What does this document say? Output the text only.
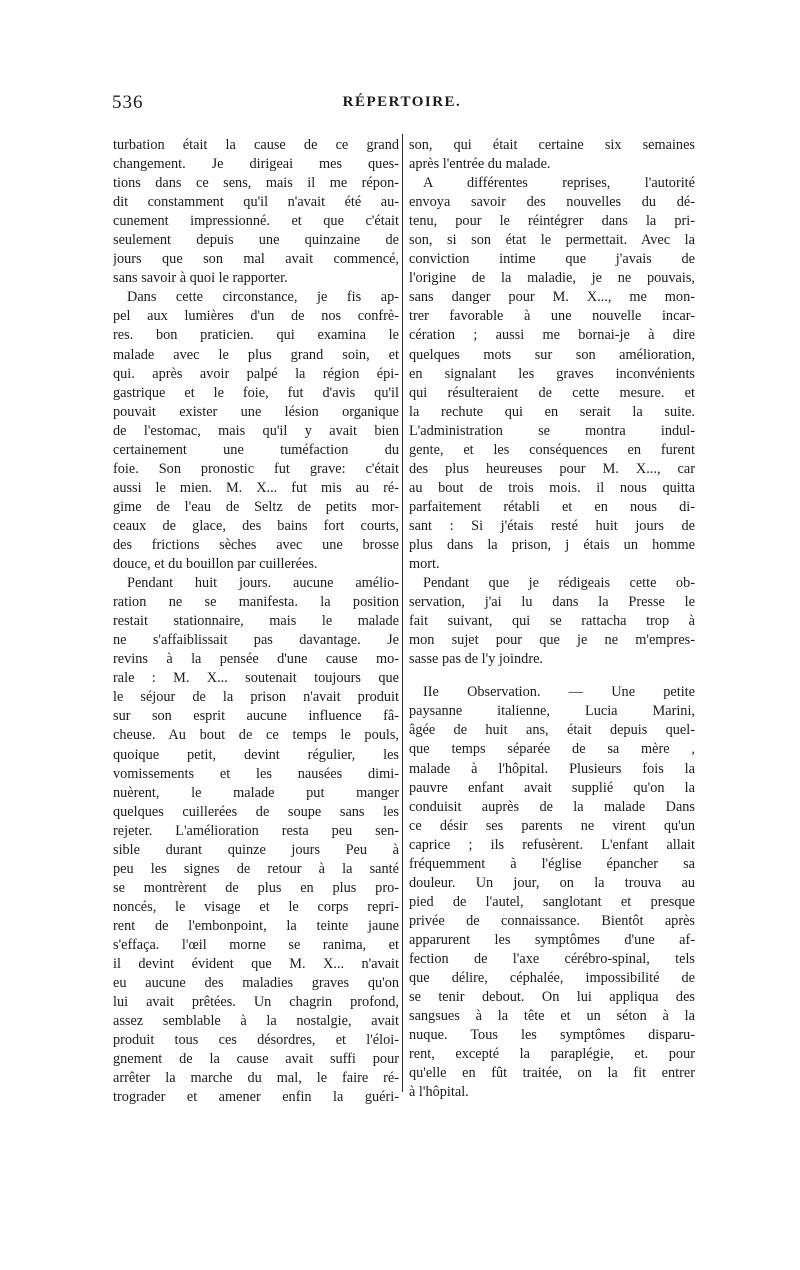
536	RÉPERTOIRE.
turbation était la cause de ce grand
changement. Je dirigeai mes ques-
tions dans ce sens, mais il me répon-
dit constamment qu'il n'avait été au-
cunement impressionné. et que c'était
seulement depuis une quinzaine de
jours que son mal avait commencé,
sans savoir à quoi le rapporter.
Dans cette circonstance, je fis ap-
pel aux lumières d'un de nos confrè-
res. bon praticien. qui examina le
malade avec le plus grand soin, et
qui. après avoir palpé la région épi-
gastrique et le foie, fut d'avis qu'il
pouvait exister une lésion organique
de l'estomac, mais qu'il y avait bien
certainement une tuméfaction du
foie. Son pronostic fut grave: c'était
aussi le mien. M. X... fut mis au ré-
gime de l'eau de Seltz de petits mor-
ceaux de glace, des bains fort courts,
des frictions sèches avec une brosse
douce, et du bouillon par cuillerées.
Pendant huit jours. aucune amélio-
ration ne se manifesta. la position
restait stationnaire, mais le malade
ne s'affaiblissait pas davantage. Je
revins à la pensée d'une cause mo-
rale : M. X... soutenait toujours que
le séjour de la prison n'avait produit
sur son esprit aucune influence fâ-
cheuse. Au bout de ce temps le pouls,
quoique petit, devint régulier, les
vomissements et les nausées dimi-
nuèrent, le malade put manger
quelques cuillerées de soupe sans les
rejeter. L'amélioration resta peu sen-
sible durant quinze jours Peu à
peu les signes de retour à la santé
se montrèrent de plus en plus pro-
noncés, le visage et le corps repri-
rent de l'embonpoint, la teinte jaune
s'effaça. l'œil morne se ranima, et
il devint évident que M. X... n'avait
eu aucune des maladies graves qu'on
lui avait prêtées. Un chagrin profond,
assez semblable à la nostalgie, avait
produit tous ces désordres, et l'éloi-
gnement de la cause avait suffi pour
arrêter la marche du mal, le faire ré-
trograder et amener enfin la guéri-
son, qui était certaine six semaines
après l'entrée du malade.
A différentes reprises, l'autorité
envoya savoir des nouvelles du dé-
tenu, pour le réintégrer dans la pri-
son, si son état le permettait. Avec la
conviction intime que j'avais de
l'origine de la maladie, je ne pouvais,
sans danger pour M. X..., me mon-
trer favorable à une nouvelle incar-
cération ; aussi me bornai-je à dire
quelques mots sur son amélioration,
en signalant les graves inconvénients
qui résulteraient de cette mesure. et
la rechute qui en serait la suite.
L'administration se montra indul-
gente, et les conséquences en furent
des plus heureuses pour M. X..., car
au bout de trois mois. il nous quitta
parfaitement rétabli et en nous di-
sant : Si j'étais resté huit jours de
plus dans la prison, j étais un homme
mort.
Pendant que je rédigeais cette ob-
servation, j'ai lu dans la Presse le
fait suivant, qui se rattacha trop à
mon sujet pour que je ne m'empres-
sasse pas de l'y joindre.
IIe Observation. — Une petite
paysanne italienne, Lucia Marini,
âgée de huit ans, était depuis quel-
que temps séparée de sa mère ,
malade à l'hôpital. Plusieurs fois la
pauvre enfant avait supplié qu'on la
conduisit auprès de la malade Dans
ce désir ses parents ne virent qu'un
caprice ; ils refusèrent. L'enfant allait
fréquemment à l'église épancher sa
douleur. Un jour, on la trouva au
pied de l'autel, sanglotant et presque
privée de connaissance. Bientôt après
apparurent les symptômes d'une af-
fection de l'axe cérébro-spinal, tels
que délire, céphalée, impossibilité de
se tenir debout. On lui appliqua des
sangsues à la tête et un séton à la
nuque. Tous les symptômes disparu-
rent, excepté la paraplégie, et. pour
qu'elle en fût traitée, on la fit entrer
à l'hôpital.
